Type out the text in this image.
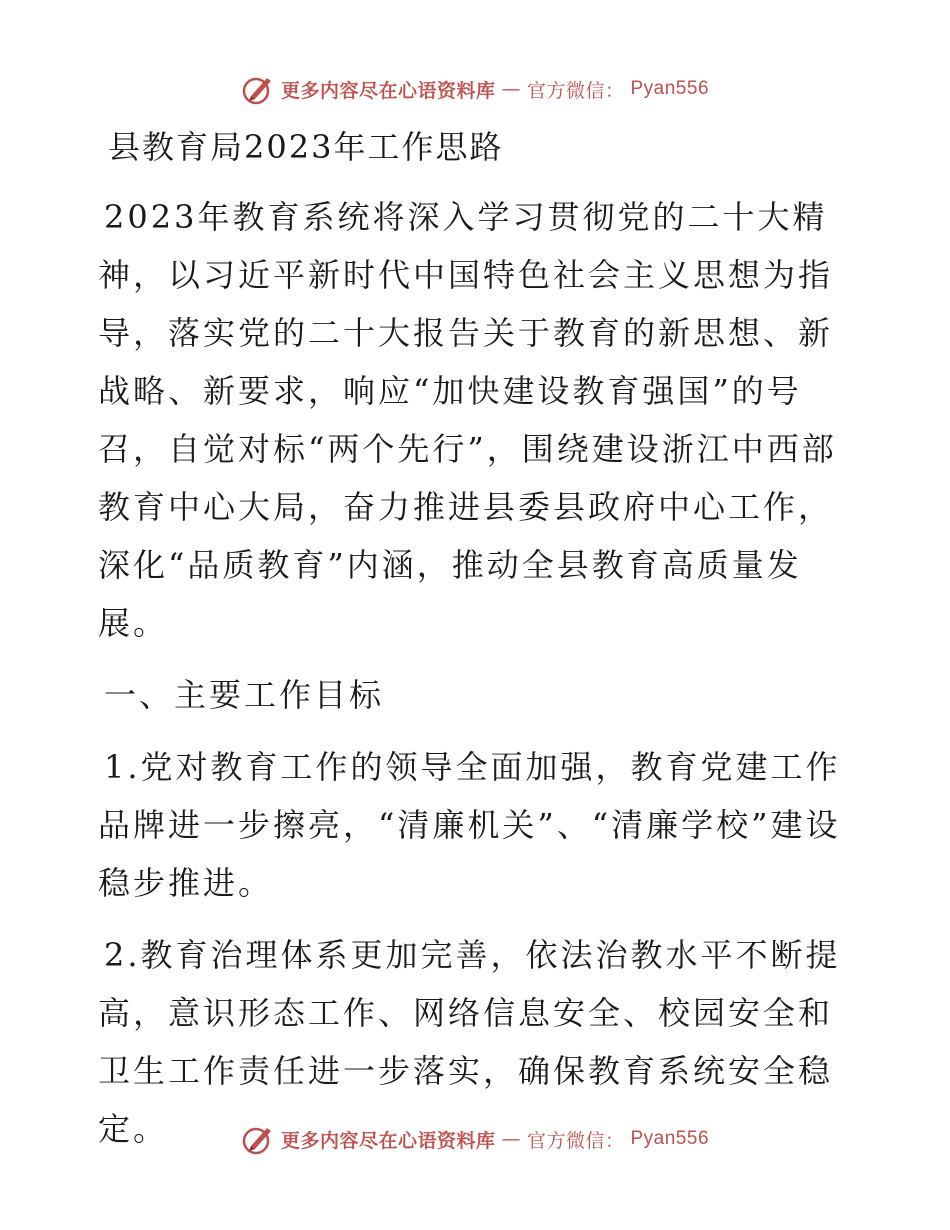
更多内容尽在心语资料库 — 官方微信： Pyan556
县教育局2023年工作思路

2023年教育系统将深入学习贯彻党的二十大精神，以习近平新时代中国特色社会主义思想为指导，落实党的二十大报告关于教育的新思想、新战略、新要求，响应“加快建设教育强国”的号召，自觉对标“两个先行”，围绕建设浙江中西部教育中心大局，奋力推进县委县政府中心工作，深化“品质教育”内涵，推动全县教育高质量发展。

一、主要工作目标

1.党对教育工作的领导全面加强，教育党建工作品牌进一步擦亮，“清廉机关”、“清廉学校”建设稳步推进。

2.教育治理体系更加完善，依法治教水平不断提高，意识形态工作、网络信息安全、校园安全和卫生工作责任进一步落实，确保教育系统安全稳定。	更多内容尽在心语资料库 — 官方微信： Pyan556
